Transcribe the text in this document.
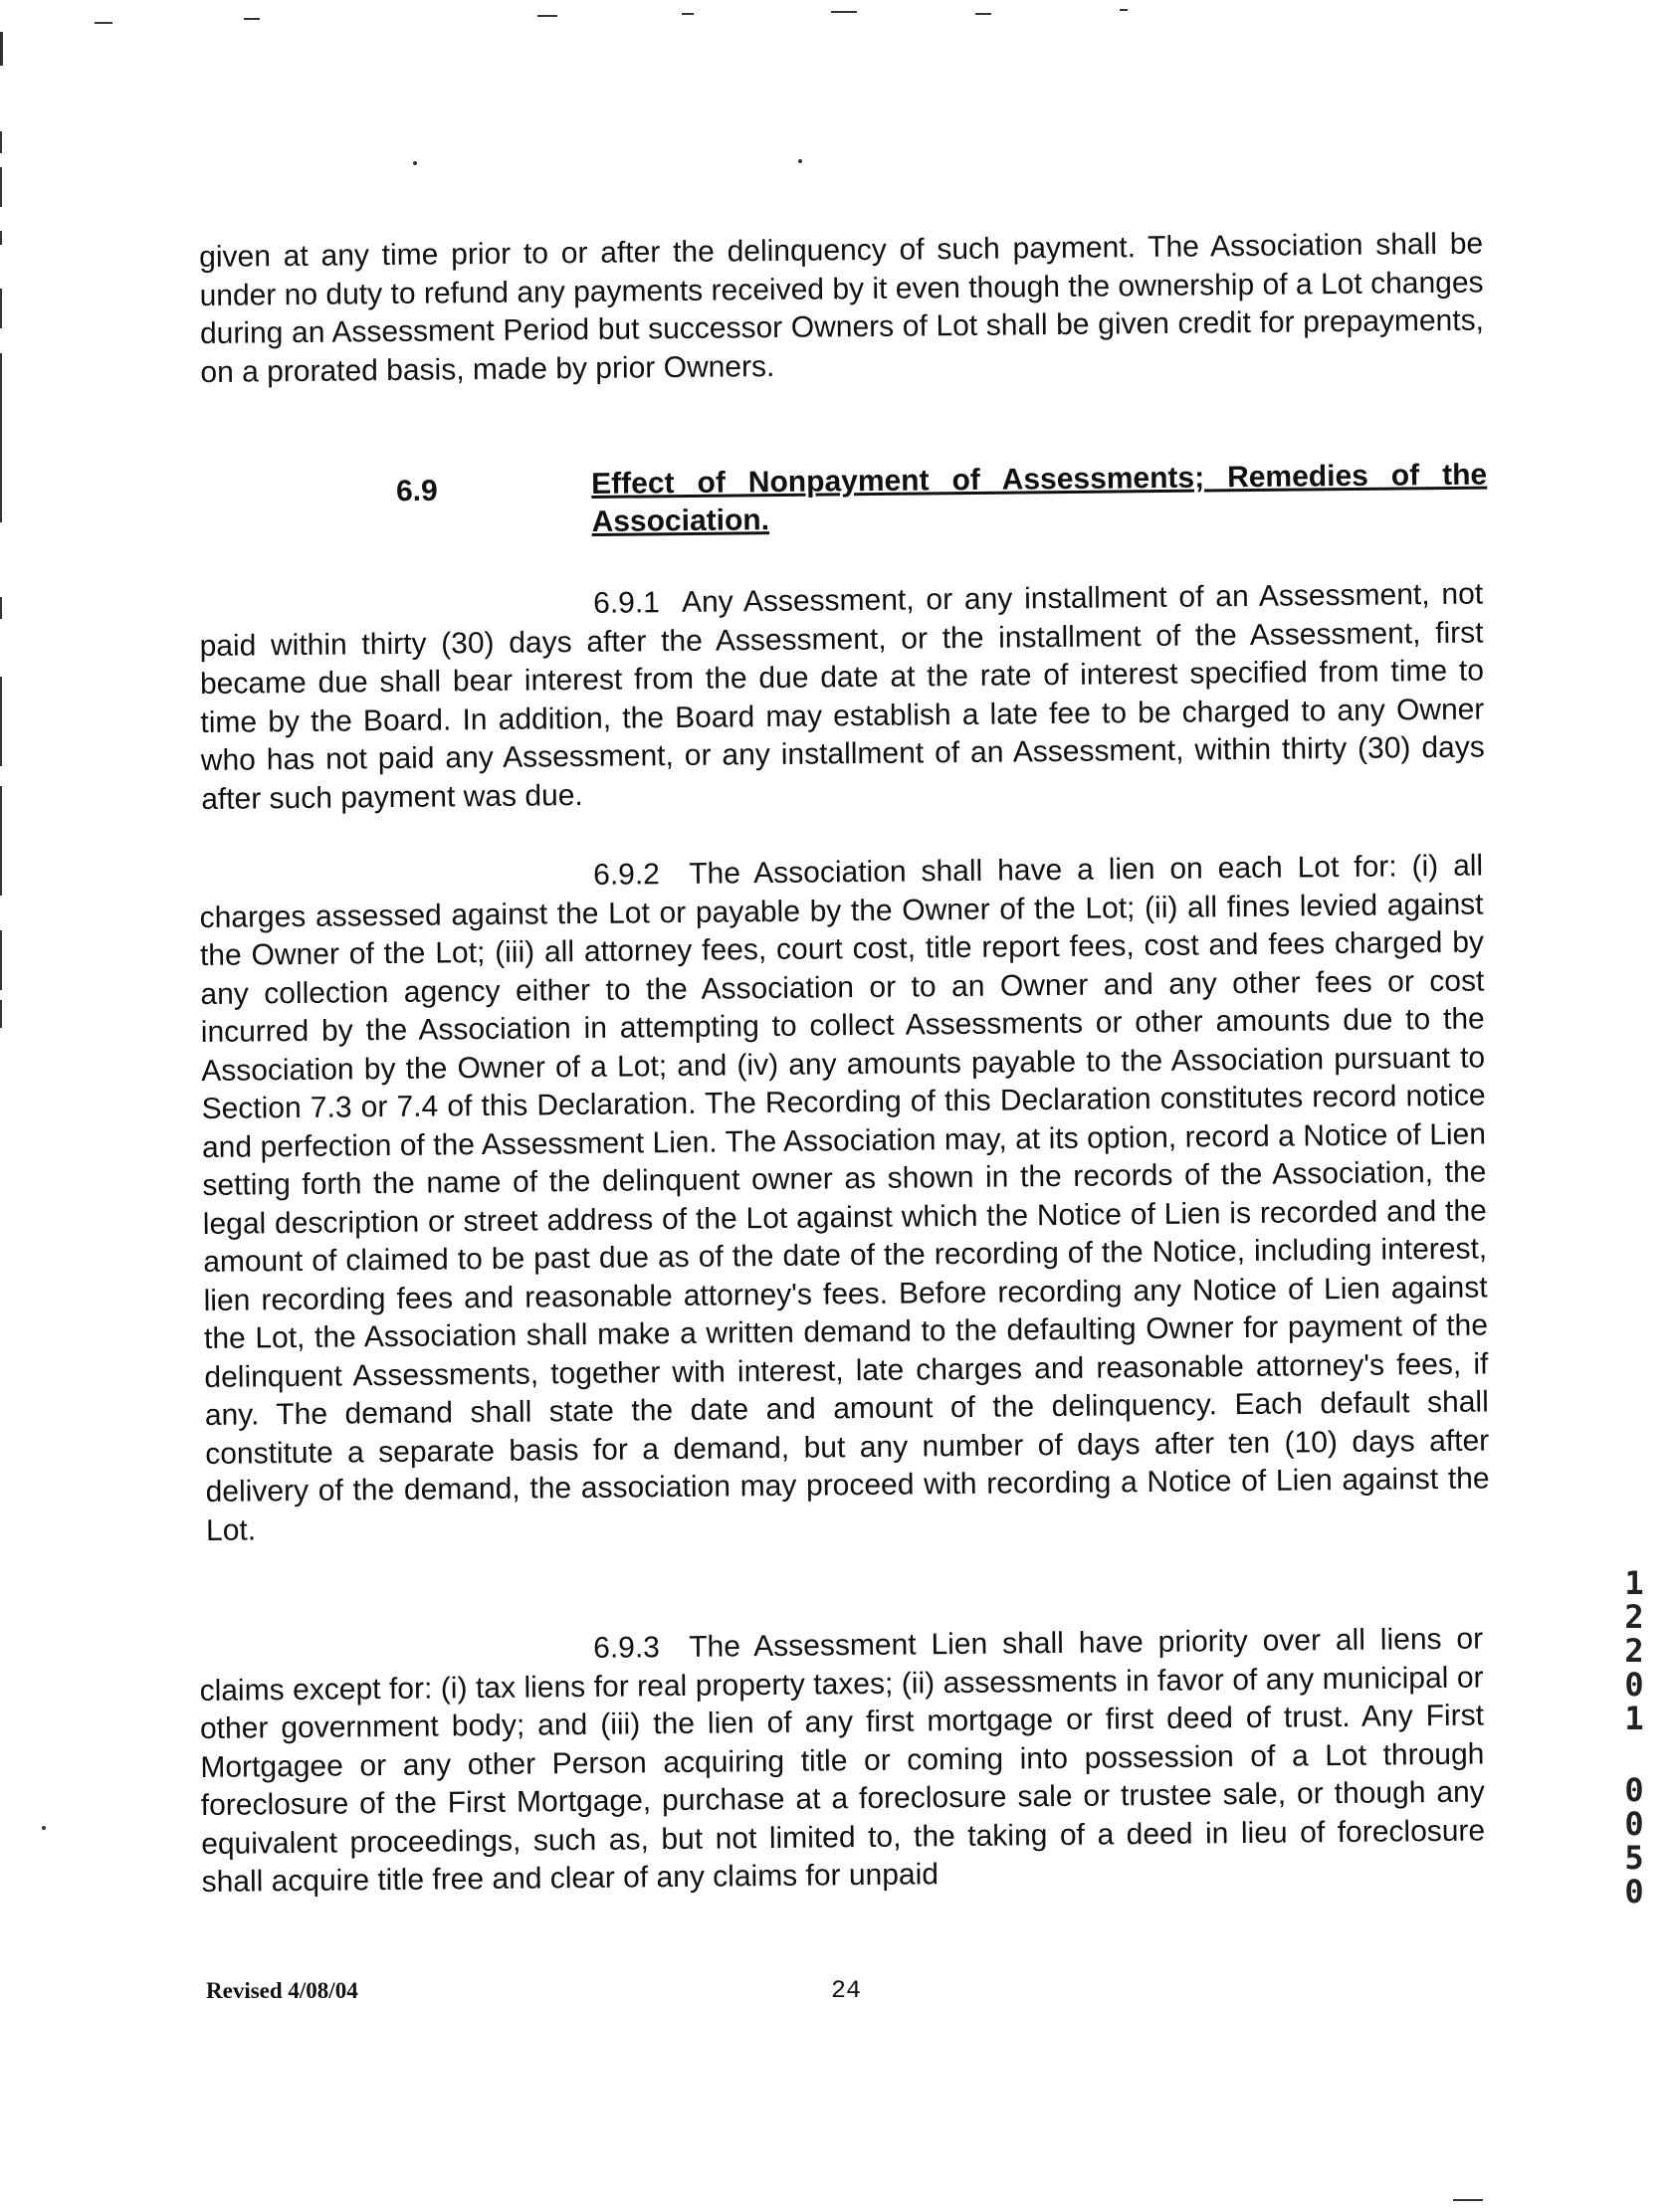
given at any time prior to or after the delinquency of such payment. The Association shall be under no duty to refund any payments received by it even though the ownership of a Lot changes during an Assessment Period but successor Owners of Lot shall be given credit for prepayments, on a prorated basis, made by prior Owners.

6.9	Effect of Nonpayment of Assessments; Remedies of the Association.

6.9.1 Any Assessment, or any installment of an Assessment, not paid within thirty (30) days after the Assessment, or the installment of the Assessment, first became due shall bear interest from the due date at the rate of interest specified from time to time by the Board. In addition, the Board may establish a late fee to be charged to any Owner who has not paid any Assessment, or any installment of an Assessment, within thirty (30) days after such payment was due.

6.9.2 The Association shall have a lien on each Lot for: (i) all charges assessed against the Lot or payable by the Owner of the Lot; (ii) all fines levied against the Owner of the Lot; (iii) all attorney fees, court cost, title report fees, cost and fees charged by any collection agency either to the Association or to an Owner and any other fees or cost incurred by the Association in attempting to collect Assessments or other amounts due to the Association by the Owner of a Lot; and (iv) any amounts payable to the Association pursuant to Section 7.3 or 7.4 of this Declaration. The Recording of this Declaration constitutes record notice and perfection of the Assessment Lien. The Association may, at its option, record a Notice of Lien setting forth the name of the delinquent owner as shown in the records of the Association, the legal description or street address of the Lot against which the Notice of Lien is recorded and the amount of claimed to be past due as of the date of the recording of the Notice, including interest, lien recording fees and reasonable attorney's fees. Before recording any Notice of Lien against the Lot, the Association shall make a written demand to the defaulting Owner for payment of the delinquent Assessments, together with interest, late charges and reasonable attorney's fees, if any. The demand shall state the date and amount of the delinquency. Each default shall constitute a separate basis for a demand, but any number of days after ten (10) days after delivery of the demand, the association may proceed with recording a Notice of Lien against the Lot.

6.9.3 The Assessment Lien shall have priority over all liens or claims except for: (i) tax liens for real property taxes; (ii) assessments in favor of any municipal or other government body; and (iii) the lien of any first mortgage or first deed of trust. Any First Mortgagee or any other Person acquiring title or coming into possession of a Lot through foreclosure of the First Mortgage, purchase at a foreclosure sale or trustee sale, or though any equivalent proceedings, such as, but not limited to, the taking of a deed in lieu of foreclosure shall acquire title free and clear of any claims for unpaid

Revised 4/08/04	24
1
2
2
0
1
0
0
5
0
